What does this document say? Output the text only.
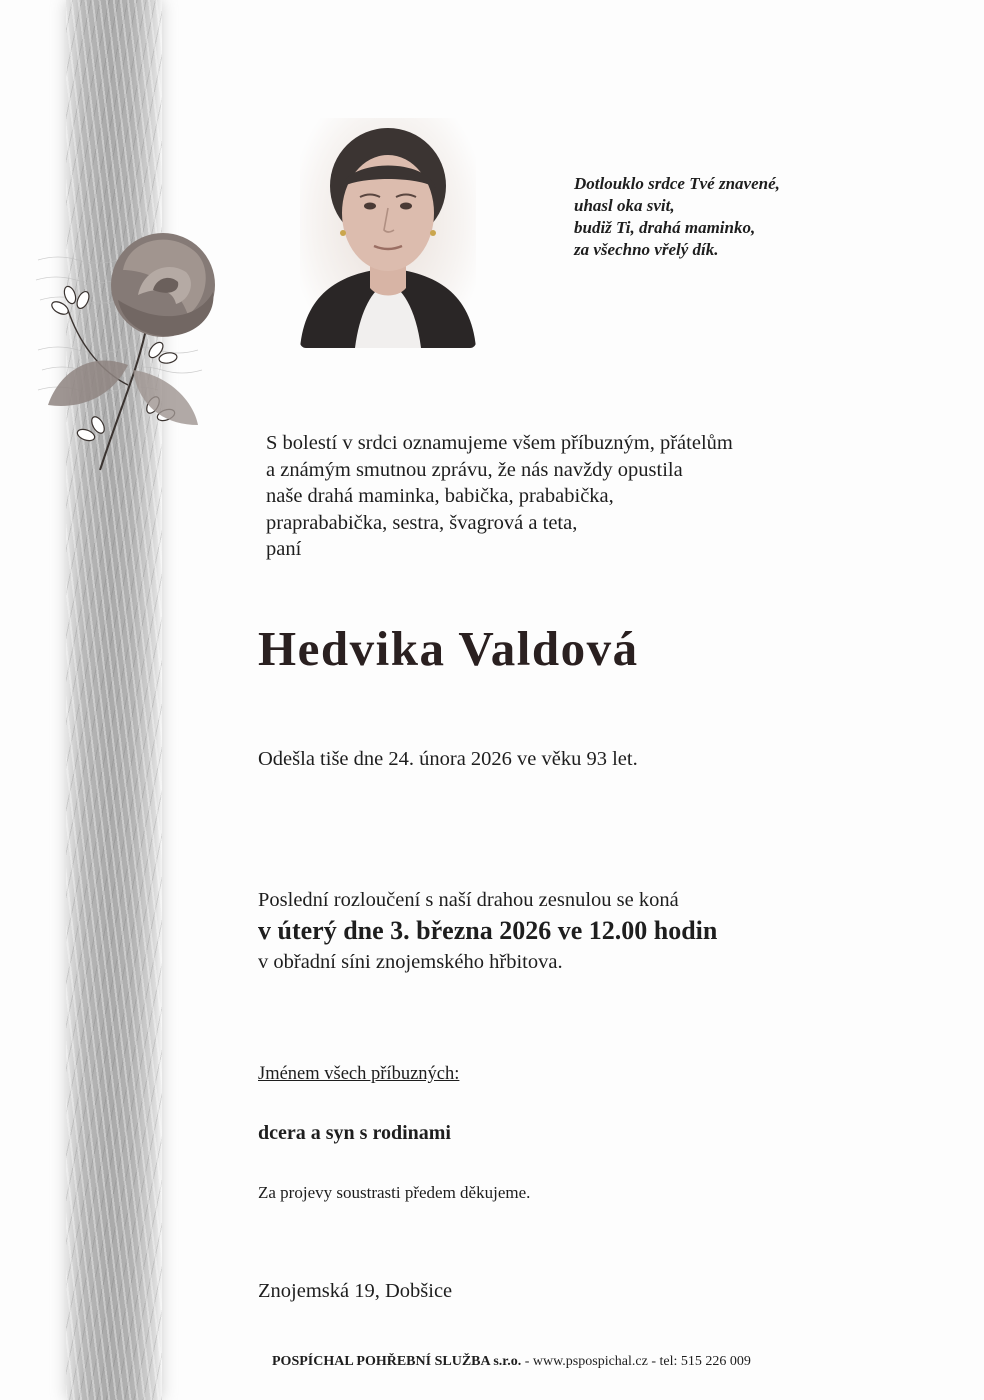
Dotlouklo srdce Tvé znavené,
uhasl oka svit,
budiž Ti, drahá maminko,
za všechno vřelý dík.
S bolestí v srdci oznamujeme všem příbuzným, přátelům
a známým smutnou zprávu, že nás navždy opustila
naše drahá maminka, babička, prababička,
praprababička, sestra, švagrová a teta,
paní
Hedvika Valdová
Odešla tiše dne 24. února 2026 ve věku 93 let.
Poslední rozloučení s naší drahou zesnulou se koná
v úterý dne 3. března 2026 ve 12.00 hodin
v obřadní síni znojemského hřbitova.
Jménem všech příbuzných:
dcera a syn s rodinami
Za projevy soustrasti předem děkujeme.
Znojemská 19, Dobšice
POSPÍCHAL POHŘEBNÍ SLUŽBA s.r.o. - www.pspospichal.cz - tel: 515 226 009
